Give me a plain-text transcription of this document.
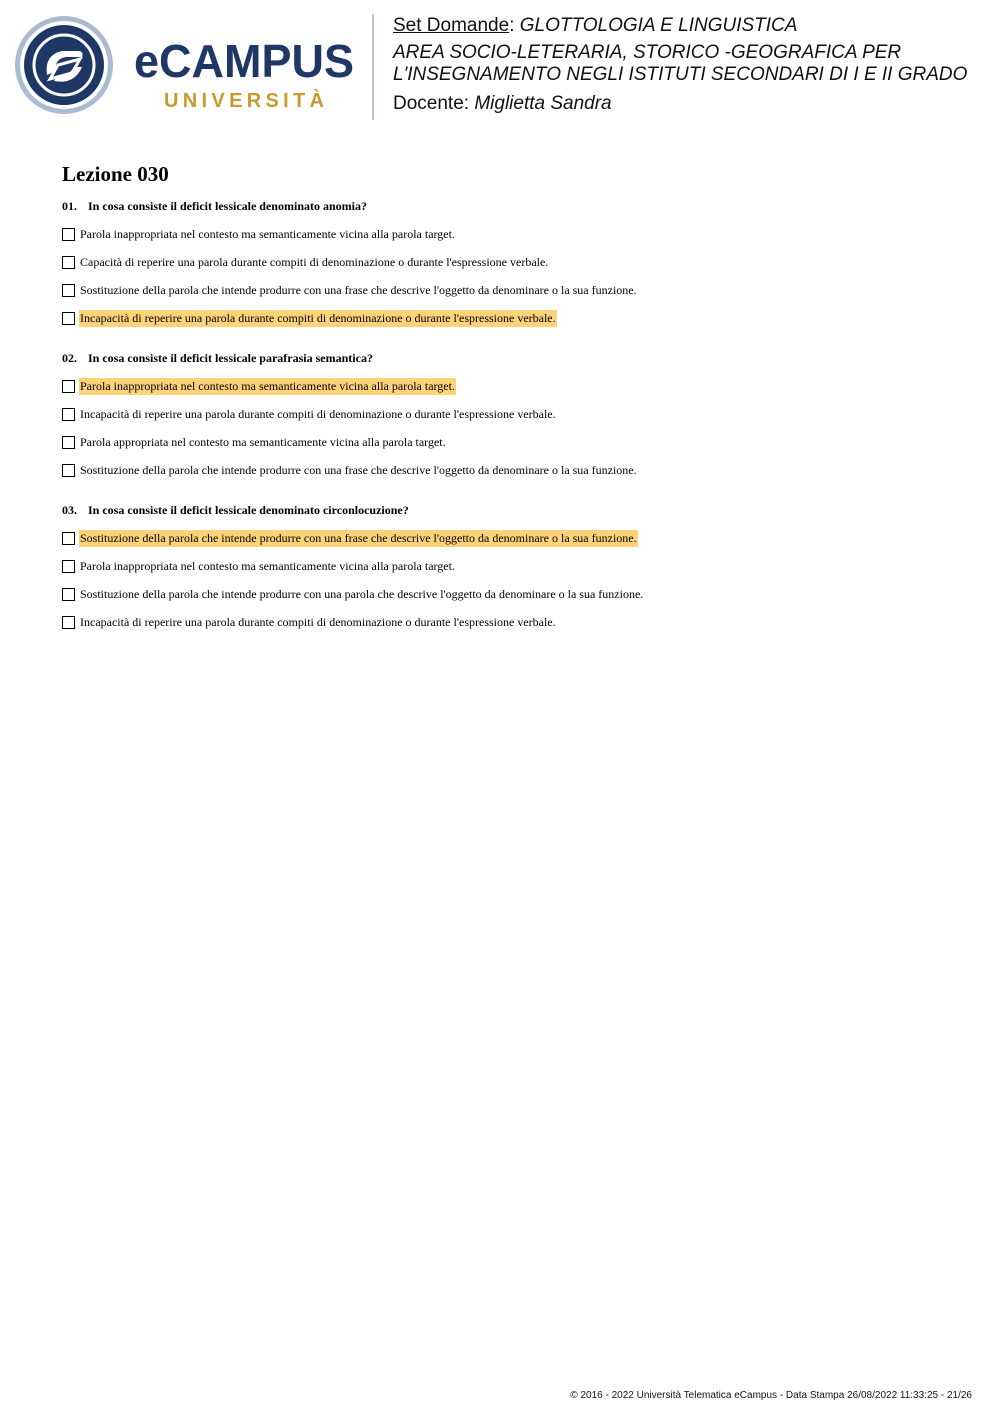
eCAMPUS
UNIVERSITÀ
Set Domande: GLOTTOLOGIA E LINGUISTICA
AREA SOCIO-LETERARIA, STORICO -GEOGRAFICA PER
L'INSEGNAMENTO NEGLI ISTITUTI SECONDARI DI I E II GRADO
Docente: Miglietta Sandra
Lezione 030
01. In cosa consiste il deficit lessicale denominato anomia?
Parola inappropriata nel contesto ma semanticamente vicina alla parola target.
Capacità di reperire una parola durante compiti di denominazione o durante l'espressione verbale.
Sostituzione della parola che intende produrre con una frase che descrive l'oggetto da denominare o la sua funzione.
Incapacità di reperire una parola durante compiti di denominazione o durante l'espressione verbale.
02. In cosa consiste il deficit lessicale parafrasia semantica?
Parola inappropriata nel contesto ma semanticamente vicina alla parola target.
Incapacità di reperire una parola durante compiti di denominazione o durante l'espressione verbale.
Parola appropriata nel contesto ma semanticamente vicina alla parola target.
Sostituzione della parola che intende produrre con una frase che descrive l'oggetto da denominare o la sua funzione.
03. In cosa consiste il deficit lessicale denominato circonlocuzione?
Sostituzione della parola che intende produrre con una frase che descrive l'oggetto da denominare o la sua funzione.
Parola inappropriata nel contesto ma semanticamente vicina alla parola target.
Sostituzione della parola che intende produrre con una parola che descrive l'oggetto da denominare o la sua funzione.
Incapacità di reperire una parola durante compiti di denominazione o durante l'espressione verbale.
© 2016 - 2022 Università Telematica eCampus - Data Stampa 26/08/2022 11:33:25 - 21/26
